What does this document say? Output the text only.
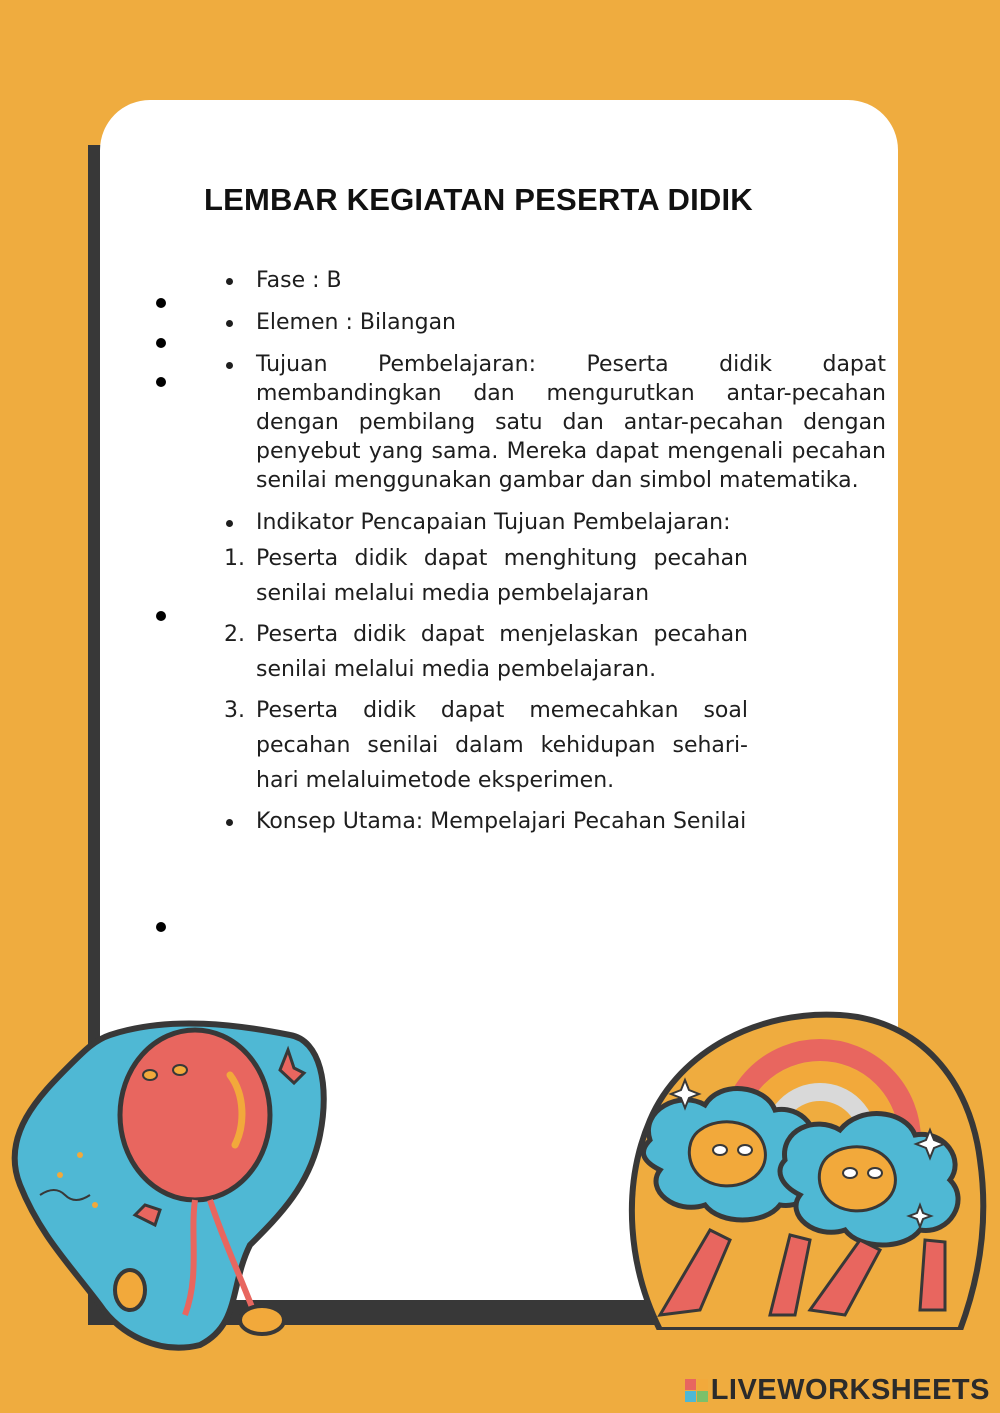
LEMBAR KEGIATAN PESERTA DIDIK
Fase : B
Elemen : Bilangan
Tujuan Pembelajaran: Peserta didik dapat membandingkan dan mengurutkan antar-pecahan dengan pembilang satu dan antar-pecahan dengan penyebut yang sama. Mereka dapat mengenali pecahan senilai menggunakan gambar dan simbol matematika.
Indikator Pencapaian Tujuan Pembelajaran:
1. Peserta didik dapat menghitung pecahan senilai melalui media pembelajaran
2. Peserta didik dapat menjelaskan pecahan senilai melalui media pembelajaran.
3. Peserta didik dapat memecahkan soal pecahan senilai dalam kehidupan sehari-hari melaluimetode eksperimen.
Konsep Utama: Mempelajari Pecahan Senilai
LIVEWORKSHEETS
